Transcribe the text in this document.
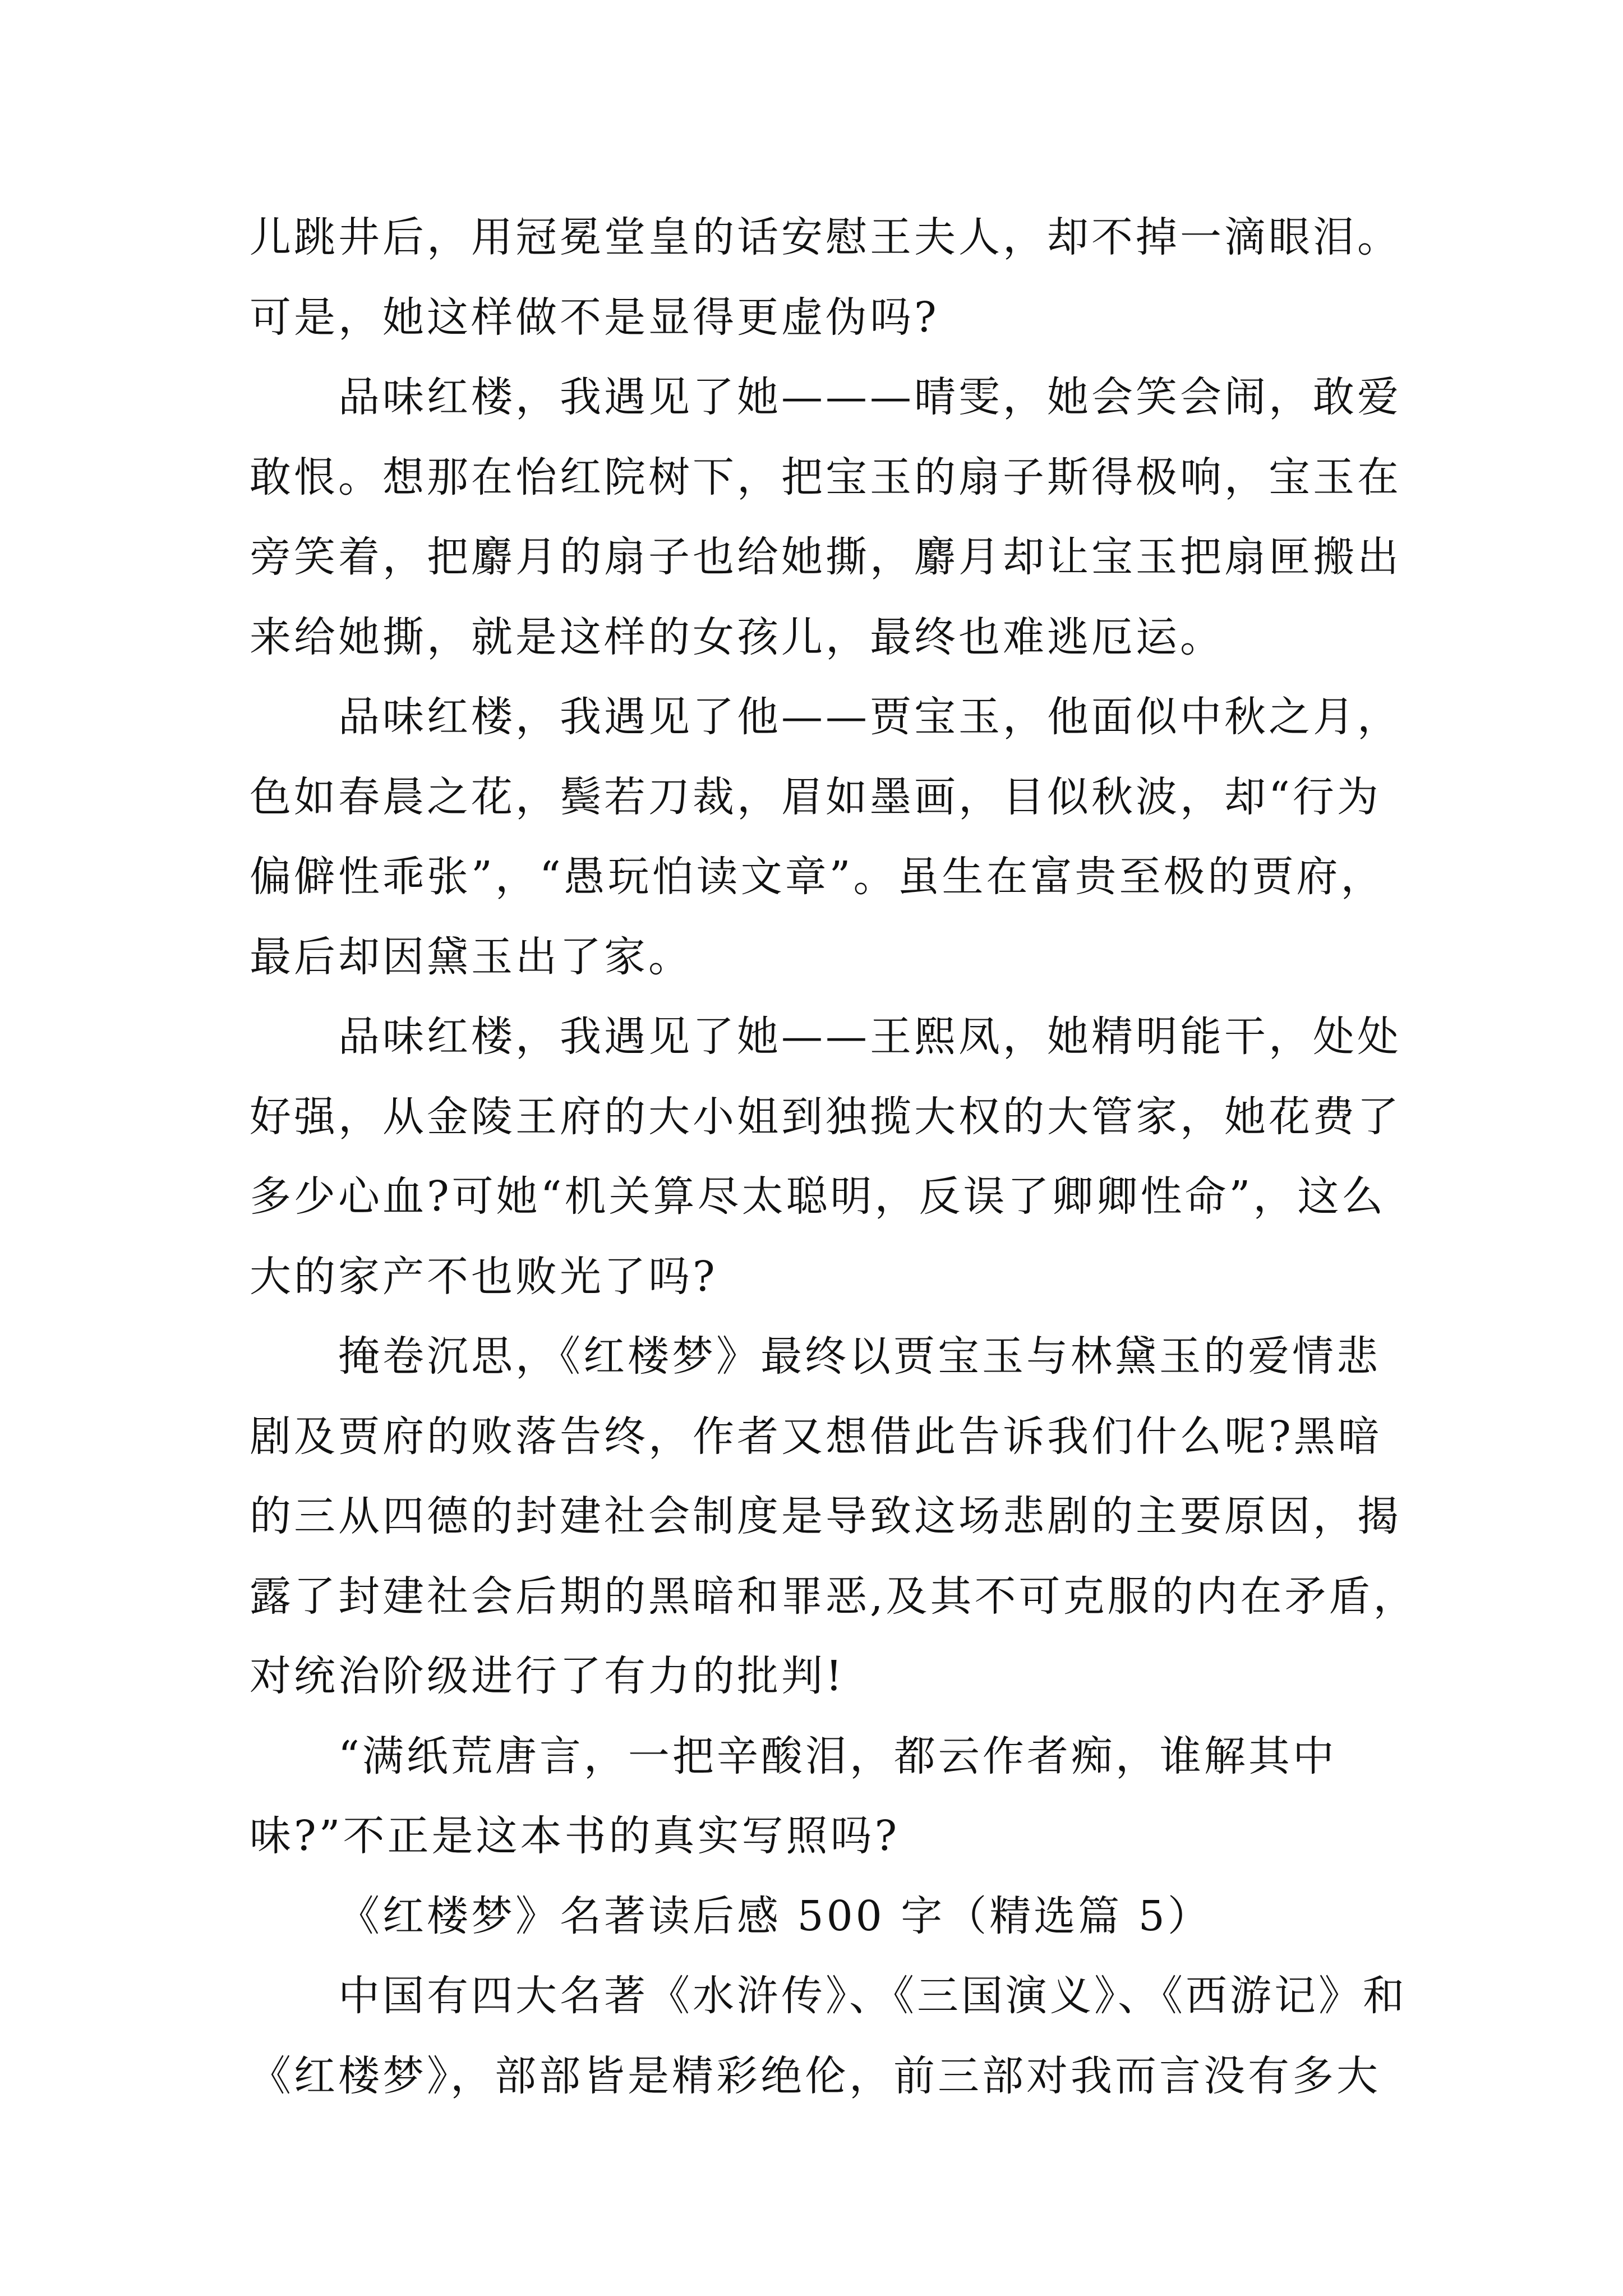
儿跳井后，用冠冕堂皇的话安慰王夫人，却不掉一滴眼泪。
可是，她这样做不是显得更虚伪吗?
品味红楼，我遇见了她———晴雯，她会笑会闹，敢爱
敢恨。想那在怡红院树下，把宝玉的扇子斯得极响，宝玉在
旁笑着，把麝月的扇子也给她撕，麝月却让宝玉把扇匣搬出
来给她撕，就是这样的女孩儿，最终也难逃厄运。
品味红楼，我遇见了他——贾宝玉，他面似中秋之月，
色如春晨之花，鬓若刀裁，眉如墨画，目似秋波，却“行为
偏僻性乖张”，“愚玩怕读文章”。虽生在富贵至极的贾府，
最后却因黛玉出了家。
品味红楼，我遇见了她——王熙凤，她精明能干，处处
好强，从金陵王府的大小姐到独揽大权的大管家，她花费了
多少心血?可她“机关算尽太聪明，反误了卿卿性命”，这么
大的家产不也败光了吗?
掩卷沉思，《红楼梦》最终以贾宝玉与林黛玉的爱情悲
剧及贾府的败落告终，作者又想借此告诉我们什么呢?黑暗
的三从四德的封建社会制度是导致这场悲剧的主要原因，揭
露了封建社会后期的黑暗和罪恶,及其不可克服的内在矛盾，
对统治阶级进行了有力的批判!
“满纸荒唐言，一把辛酸泪，都云作者痴，谁解其中
味?”不正是这本书的真实写照吗?
《红楼梦》名著读后感 500 字（精选篇 5）
中国有四大名著《水浒传》、《三国演义》、《西游记》和
《红楼梦》，部部皆是精彩绝伦，前三部对我而言没有多大
